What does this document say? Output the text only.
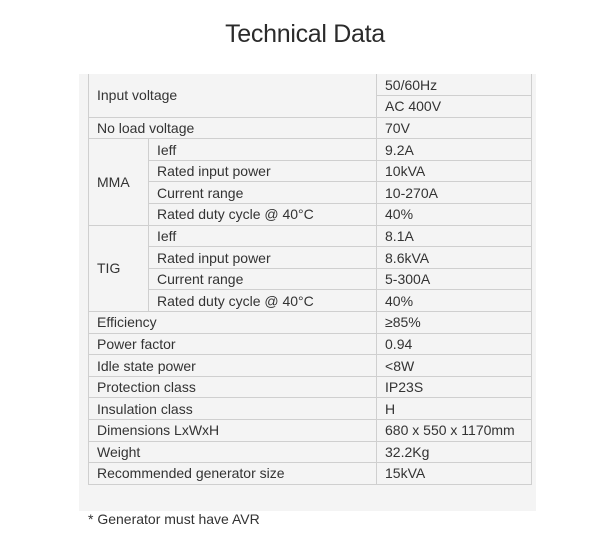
Technical Data
Input voltage		50/60Hz
		AC 400V
No load voltage		70V
MMA	Ieff	9.2A
	Rated input power	10kVA
	Current range	10-270A
	Rated duty cycle @ 40°C	40%
TIG	Ieff	8.1A
	Rated input power	8.6kVA
	Current range	5-300A
	Rated duty cycle @ 40°C	40%
Efficiency		≥85%
Power factor		0.94
Idle state power		<8W
Protection class		IP23S
Insulation class		H
Dimensions LxWxH		680 x 550 x 1170mm
Weight		32.2Kg
Recommended generator size		15kVA
* Generator must have AVR
